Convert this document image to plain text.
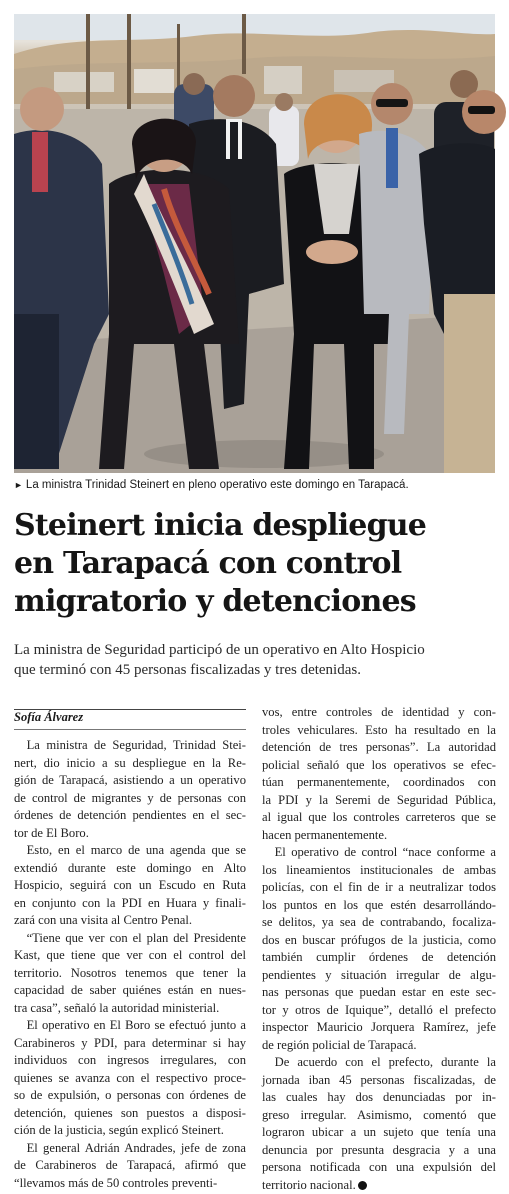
► La ministra Trinidad Steinert en pleno operativo este domingo en Tarapacá.
Steinert inicia despliegue
en Tarapacá con control
migratorio y detenciones
La ministra de Seguridad participó de un operativo en Alto Hospicio
que terminó con 45 personas fiscalizadas y tres detenidas.
Sofía Álvarez
  La ministra de Seguridad, Trinidad Stei-
nert, dio inicio a su despliegue en la Re-
gión de Tarapacá, asistiendo a un operativo
de control de migrantes y de personas con
órdenes de detención pendientes en el sec-
tor de El Boro.
  Esto, en el marco de una agenda que se
extendió durante este domingo en Alto
Hospicio, seguirá con un Escudo en Ruta
en conjunto con la PDI en Huara y finali-
zará con una visita al Centro Penal.
  “Tiene que ver con el plan del Presidente
Kast, que tiene que ver con el control del
territorio. Nosotros tenemos que tener la
capacidad de saber quiénes están en nues-
tra casa”, señaló la autoridad ministerial.
  El operativo en El Boro se efectuó junto a
Carabineros y PDI, para determinar si hay
individuos con ingresos irregulares, con
quienes se avanza con el respectivo proce-
so de expulsión, o personas con órdenes de
detención, quienes son puestos a disposi-
ción de la justicia, según explicó Steinert.
  El general Adrián Andrades, jefe de zona
de Carabineros de Tarapacá, afirmó que
“llevamos más de 50 controles preventi-
vos, entre controles de identidad y con-
troles vehiculares. Esto ha resultado en la
detención de tres personas”. La autoridad
policial señaló que los operativos se efec-
túan permanentemente, coordinados con
la PDI y la Seremi de Seguridad Pública,
al igual que los controles carreteros que se
hacen permanentemente.
  El operativo de control “nace conforme a
los lineamientos institucionales de ambas
policías, con el fin de ir a neutralizar todos
los puntos en los que estén desarrollándo-
se delitos, ya sea de contrabando, focaliza-
dos en buscar prófugos de la justicia, como
también cumplir órdenes de detención
pendientes y situación irregular de algu-
nas personas que puedan estar en este sec-
tor y otros de Iquique”, detalló el prefecto
inspector Mauricio Jorquera Ramírez, jefe
de región policial de Tarapacá.
  De acuerdo con el prefecto, durante la
jornada iban 45 personas fiscalizadas, de
las cuales hay dos denunciadas por in-
greso irregular. Asimismo, comentó que
lograron ubicar a un sujeto que tenía una
denuncia por presunta desgracia y a una
persona notificada con una expulsión del
territorio nacional.
